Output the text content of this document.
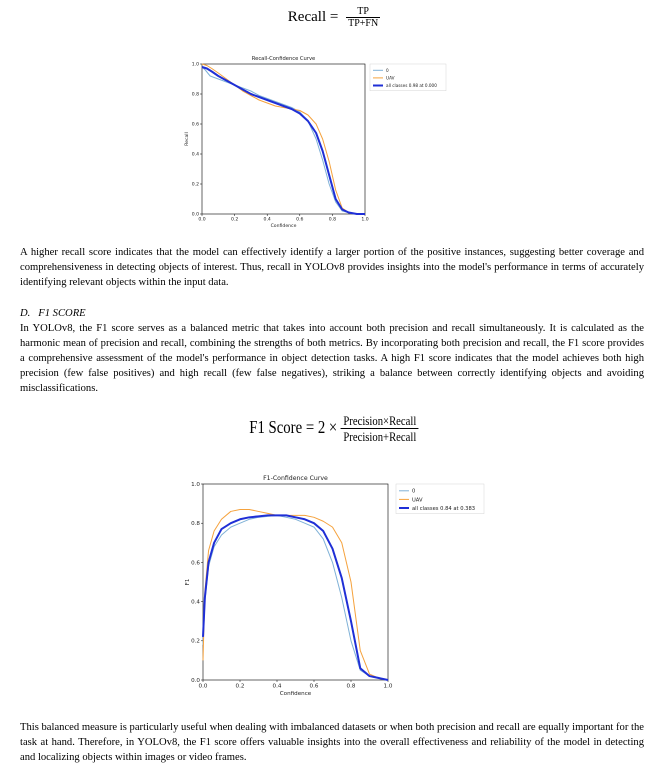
Recall = $\frac{TP}{TP+FN}$
Recall-Confidence Curve
0.0	0.2	0.4	0.6	0.8	1.0
0.0
0.2
0.4
0.6
0.8
1.0
Confidence
Recall
0
UAV
all classes 0.98 at 0.000

A higher recall score indicates that the model can effectively identify a larger portion of the positive instances, suggesting better coverage and comprehensiveness in detecting objects of interest. Thus, recall in YOLOv8 provides insights into the model's performance in terms of accurately identifying relevant objects within the input data.

D. F1 SCORE

In YOLOv8, the F1 score serves as a balanced metric that takes into account both precision and recall simultaneously. It is calculated as the harmonic mean of precision and recall, combining the strengths of both metrics. By incorporating both precision and recall, the F1 score provides a comprehensive assessment of the model's performance in object detection tasks. A high F1 score indicates that the model achieves both high precision (few false positives) and high recall (few false negatives), striking a balance between correctly identifying objects and avoiding misclassifications.

F1 Score = $2 \times \frac{\text{Precision×Recall}}{\text{Precision+Recall}}$
F1-Confidence Curve
0.0	0.2	0.4	0.6	0.8	1.0
0.0
0.2
0.4
0.6
0.8
1.0
Confidence
F1
0
UAV
all classes 0.84 at 0.383

This balanced measure is particularly useful when dealing with imbalanced datasets or when both precision and recall are equally important for the task at hand. Therefore, in YOLOv8, the F1 score offers valuable insights into the overall effectiveness and reliability of the model in detecting and localizing objects within images or video frames.
